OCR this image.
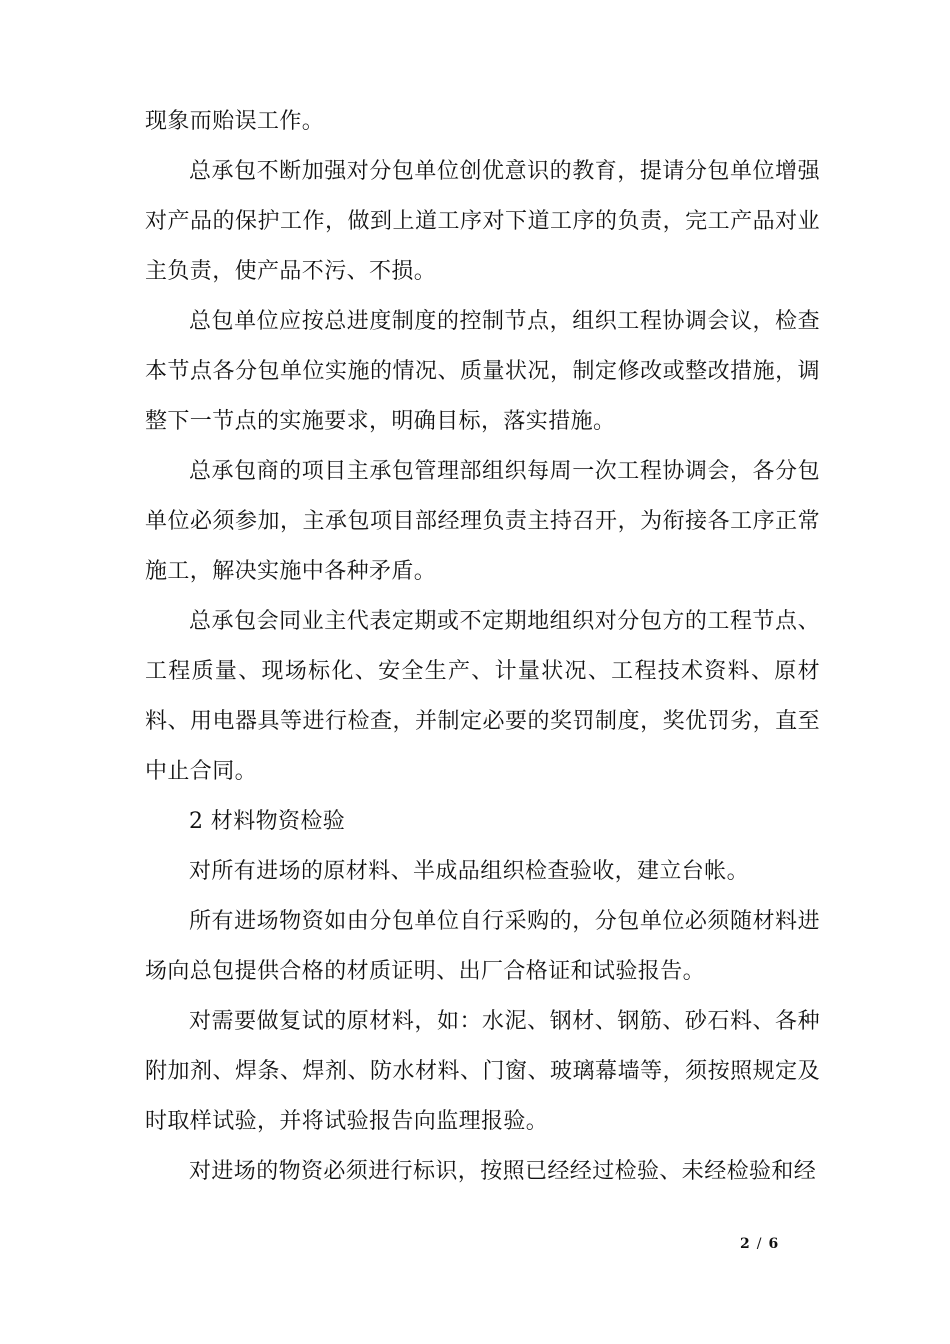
现象而贻误工作。

总承包不断加强对分包单位创优意识的教育，提请分包单位增强对产品的保护工作，做到上道工序对下道工序的负责，完工产品对业主负责，使产品不污、不损。

总包单位应按总进度制度的控制节点，组织工程协调会议，检查本节点各分包单位实施的情况、质量状况，制定修改或整改措施，调整下一节点的实施要求，明确目标，落实措施。

总承包商的项目主承包管理部组织每周一次工程协调会，各分包单位必须参加，主承包项目部经理负责主持召开，为衔接各工序正常施工，解决实施中各种矛盾。

总承包会同业主代表定期或不定期地组织对分包方的工程节点、工程质量、现场标化、安全生产、计量状况、工程技术资料、原材料、用电器具等进行检查，并制定必要的奖罚制度，奖优罚劣，直至中止合同。

2 材料物资检验

对所有进场的原材料、半成品组织检查验收，建立台帐。

所有进场物资如由分包单位自行采购的，分包单位必须随材料进场向总包提供合格的材质证明、出厂合格证和试验报告。

对需要做复试的原材料，如：水泥、钢材、钢筋、砂石料、各种附加剂、焊条、焊剂、防水材料、门窗、玻璃幕墙等，须按照规定及时取样试验，并将试验报告向监理报验。

对进场的物资必须进行标识，按照已经经过检验、未经检验和经

2 / 6
